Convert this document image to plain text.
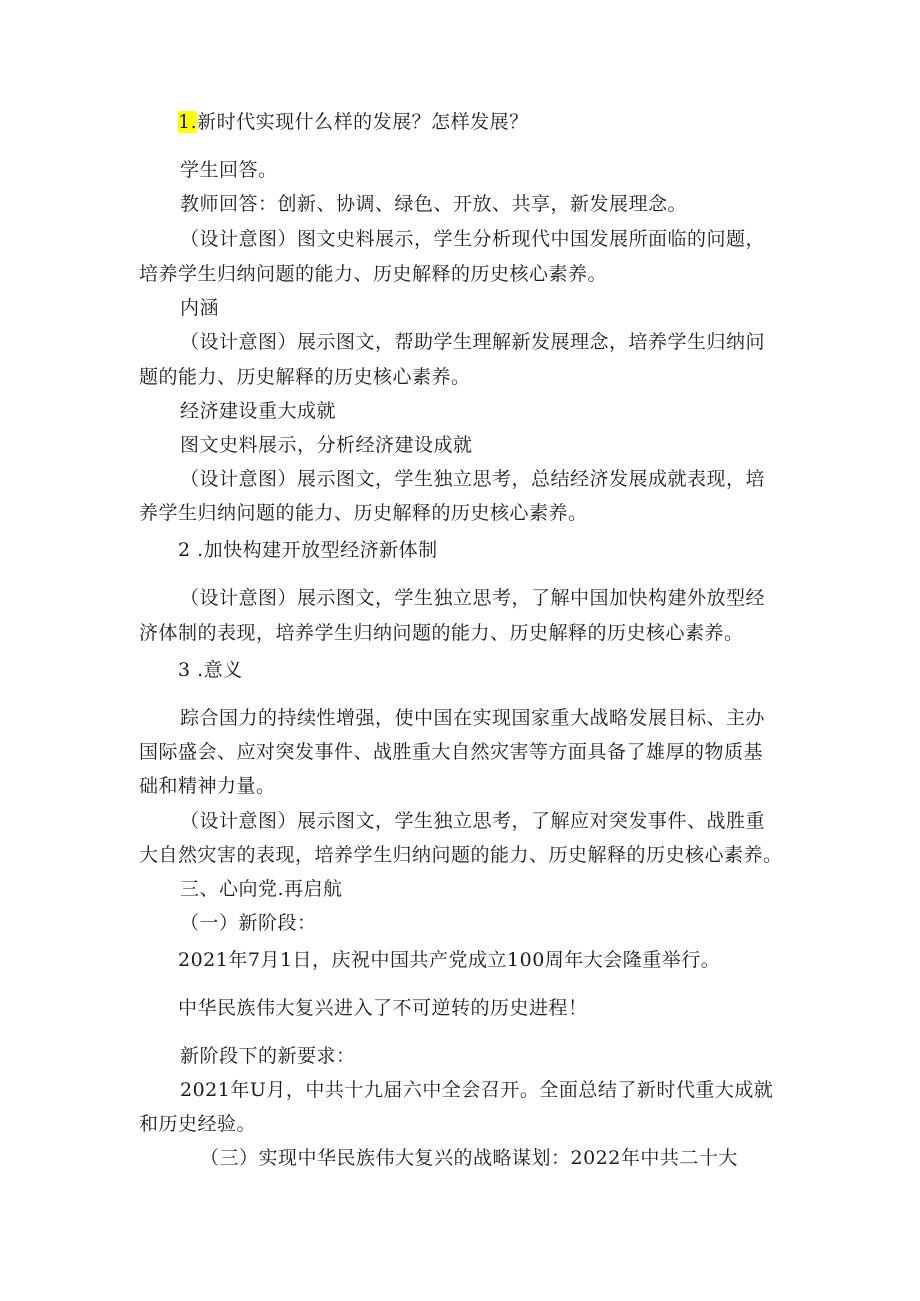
1.新时代实现什么样的发展？怎样发展？
学生回答。
教师回答：创新、协调、绿色、开放、共享，新发展理念。
（设计意图）图文史料展示，学生分析现代中国发展所面临的问题，
培养学生归纳问题的能力、历史解释的历史核心素养。
内涵
（设计意图）展示图文，帮助学生理解新发展理念，培养学生归纳问
题的能力、历史解释的历史核心素养。
经济建设重大成就
图文史料展示，分析经济建设成就
（设计意图）展示图文，学生独立思考，总结经济发展成就表现，培
养学生归纳问题的能力、历史解释的历史核心素养。
2 .加快构建开放型经济新体制
（设计意图）展示图文，学生独立思考，了解中国加快构建外放型经
济体制的表现，培养学生归纳问题的能力、历史解释的历史核心素养。
3 .意义
踪合国力的持续性增强，使中国在实现国家重大战略发展目标、主办
国际盛会、应对突发事件、战胜重大自然灾害等方面具备了雄厚的物质基
础和精神力量。
（设计意图）展示图文，学生独立思考，了解应对突发事件、战胜重
大自然灾害的表现，培养学生归纳问题的能力、历史解释的历史核心素养。
三、心向党.再启航
（一）新阶段：
2021年7月1日，庆祝中国共产党成立100周年大会隆重举行。
中华民族伟大复兴进入了不可逆转的历史进程！
新阶段下的新要求：
2021年U月，中共十九届六中全会召开。全面总结了新时代重大成就
和历史经验。
（三）实现中华民族伟大复兴的战略谋划：2022年中共二十大
